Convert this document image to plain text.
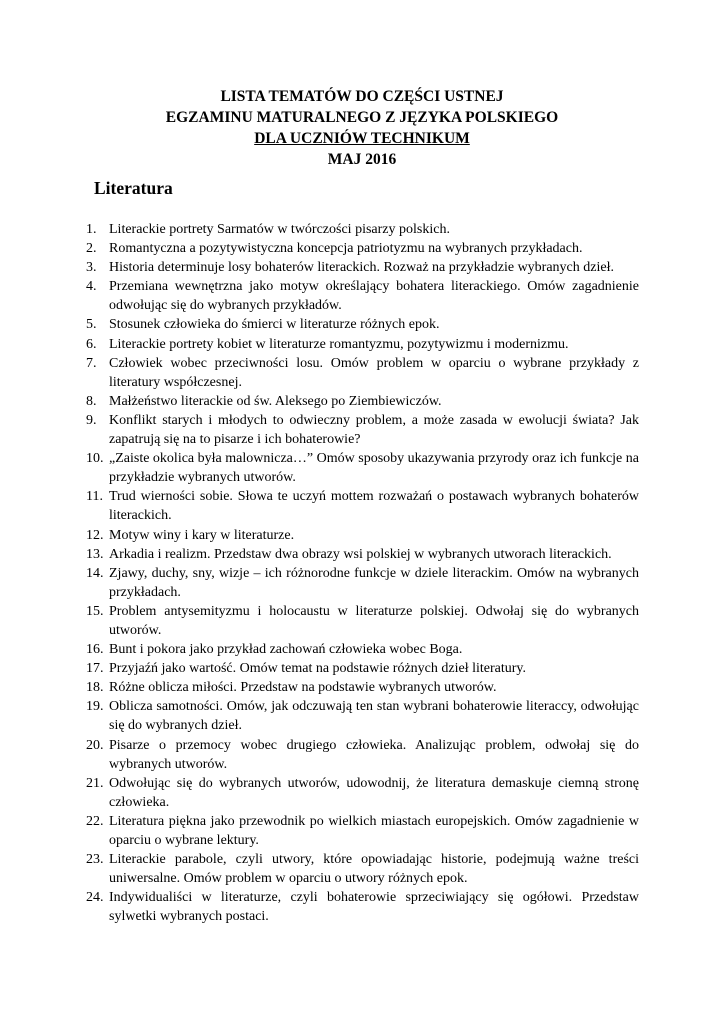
LISTA TEMATÓW DO CZĘŚCI USTNEJ
EGZAMINU MATURALNEGO Z JĘZYKA POLSKIEGO
DLA UCZNIÓW TECHNIKUM
MAJ 2016
Literatura
1. Literackie portrety Sarmatów w twórczości pisarzy polskich.
2. Romantyczna a pozytywistyczna koncepcja patriotyzmu na wybranych przykładach.
3. Historia determinuje losy bohaterów literackich. Rozważ na przykładzie wybranych dzieł.
4. Przemiana wewnętrzna jako motyw określający bohatera literackiego. Omów zagadnienie odwołując się do wybranych przykładów.
5. Stosunek człowieka do śmierci w literaturze różnych epok.
6. Literackie portrety kobiet w literaturze romantyzmu, pozytywizmu i modernizmu.
7. Człowiek wobec przeciwności losu. Omów problem w oparciu o wybrane przykłady z literatury współczesnej.
8. Małżeństwo literackie od św. Aleksego po Ziembiewiczów.
9. Konflikt starych i młodych to odwieczny problem, a może zasada w ewolucji świata? Jak zapatrują się na to pisarze i ich bohaterowie?
10. „Zaiste okolica była malownicza…” Omów sposoby ukazywania przyrody oraz ich funkcje na przykładzie wybranych utworów.
11. Trud wierności sobie. Słowa te uczyń mottem rozważań o postawach wybranych bohaterów literackich.
12. Motyw winy i kary w literaturze.
13. Arkadia i realizm. Przedstaw dwa obrazy wsi polskiej w wybranych utworach literackich.
14. Zjawy, duchy, sny, wizje – ich różnorodne funkcje w dziele literackim. Omów na wybranych przykładach.
15. Problem antysemityzmu i holocaustu w literaturze polskiej. Odwołaj się do wybranych utworów.
16. Bunt i pokora jako przykład zachowań człowieka wobec Boga.
17. Przyjaźń jako wartość. Omów temat na podstawie różnych dzieł literatury.
18. Różne oblicza miłości. Przedstaw na podstawie wybranych utworów.
19. Oblicza samotności. Omów, jak odczuwają ten stan wybrani bohaterowie literaccy, odwołując się do wybranych dzieł.
20. Pisarze o przemocy wobec drugiego człowieka. Analizując problem, odwołaj się do wybranych utworów.
21. Odwołując się do wybranych utworów, udowodnij, że literatura demaskuje ciemną stronę człowieka.
22. Literatura piękna jako przewodnik po wielkich miastach europejskich. Omów zagadnienie w oparciu o wybrane lektury.
23. Literackie parabole, czyli utwory, które opowiadając historie, podejmują ważne treści uniwersalne. Omów problem w oparciu o utwory różnych epok.
24. Indywidualiści w literaturze, czyli bohaterowie sprzeciwiający się ogółowi. Przedstaw sylwetki wybranych postaci.
